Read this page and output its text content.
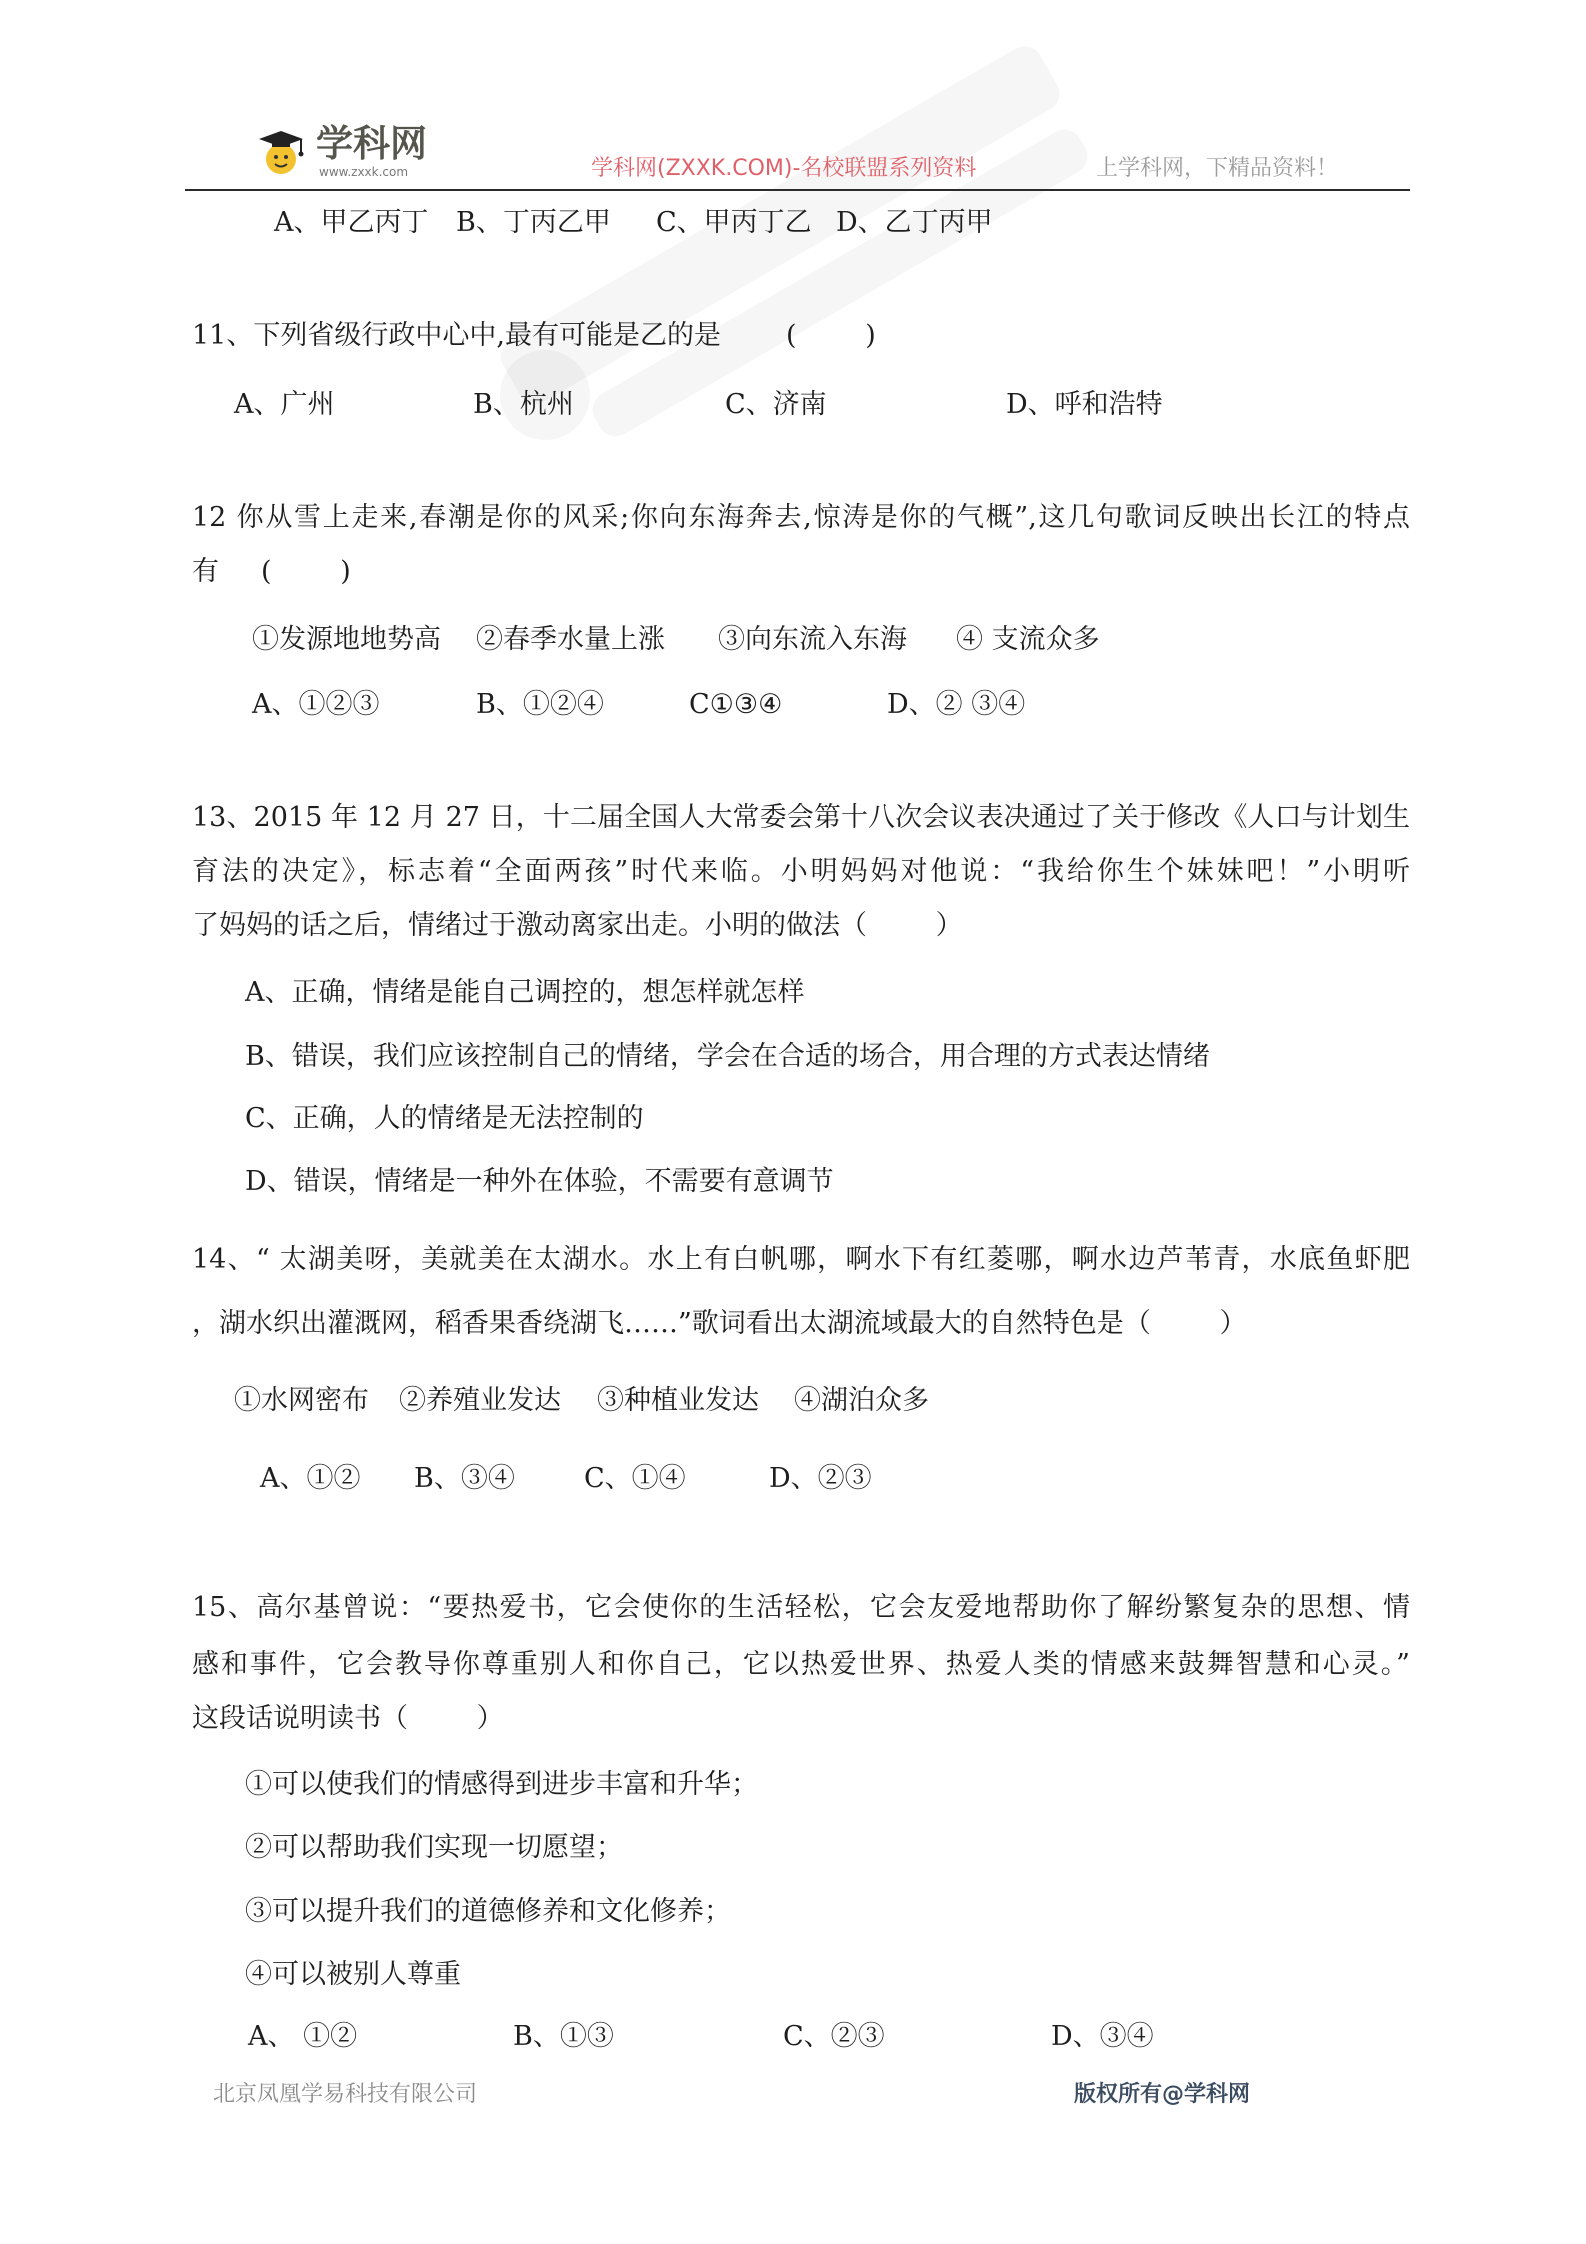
学科网
www.zxxk.com	学科网(ZXXK.COM)-名校联盟系列资料	上学科网，下精品资料！
A、甲乙丙丁 B、丁丙乙甲 C、甲丙丁乙 D、乙丁丙甲
11、下列省级行政中心中,最有可能是乙的是 (        )
A、广州	B、杭州	C、济南	D、呼和浩特
12 你从雪上走来,春潮是你的风采;你向东海奔去,惊涛是你的气概”,这几句歌词反映出长江的特点
有 (        )
①发源地地势高 ②春季水量上涨 ③向东流入东海 ④ 支流众多
A、①②③	B、①②④	C①③④	D、② ③④
13、2015 年 12 月 27 日，十二届全国人大常委会第十八次会议表决通过了关于修改《人口与计划生
育法的决定》，标志着“全面两孩”时代来临。小明妈妈对他说：“我给你生个妹妹吧！”小明听
了妈妈的话之后，情绪过于激动离家出走。小明的做法（        ）
A、正确，情绪是能自己调控的，想怎样就怎样
B、错误，我们应该控制自己的情绪，学会在合适的场合，用合理的方式表达情绪
C、正确，人的情绪是无法控制的
D、错误，情绪是一种外在体验，不需要有意调节
14、“ 太湖美呀，美就美在太湖水。水上有白帆哪，啊水下有红菱哪，啊水边芦苇青，水底鱼虾肥
，湖水织出灌溉网，稻香果香绕湖飞……”歌词看出太湖流域最大的自然特色是（        ）
①水网密布 ②养殖业发达 ③种植业发达 ④湖泊众多
A、①② B、③④	C、①④	D、②③
15、高尔基曾说：“要热爱书，它会使你的生活轻松，它会友爱地帮助你了解纷繁复杂的思想、情
感和事件，它会教导你尊重别人和你自己，它以热爱世界、热爱人类的情感来鼓舞智慧和心灵。”
这段话说明读书（        ）
①可以使我们的情感得到进步丰富和升华；
②可以帮助我们实现一切愿望；
③可以提升我们的道德修养和文化修养；
④可以被别人尊重
A、 ①②	B、①③	C、②③	D、③④
北京凤凰学易科技有限公司	版权所有@学科网
